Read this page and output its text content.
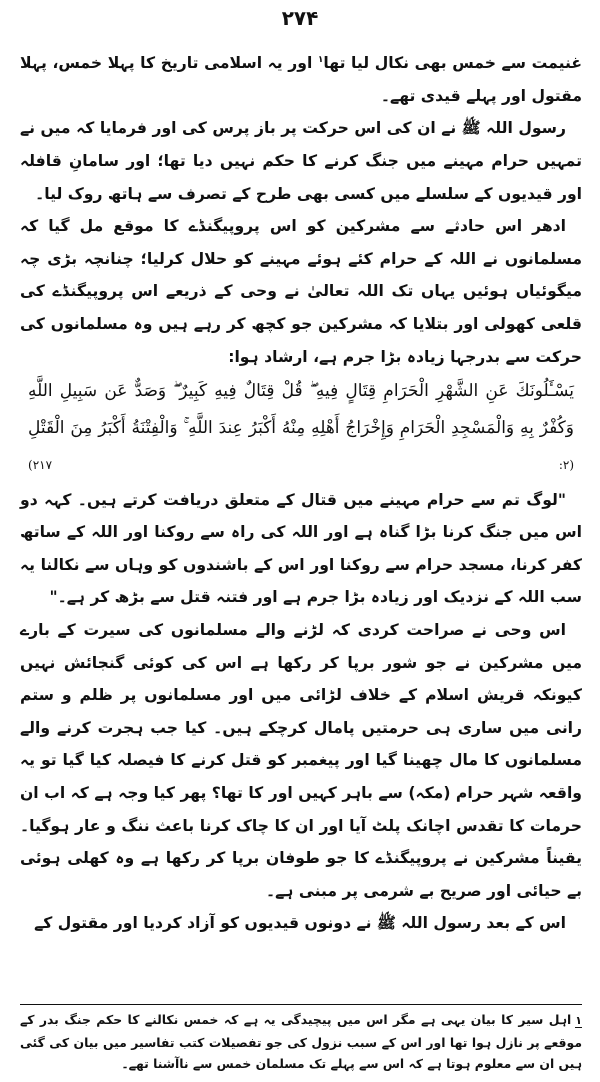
۲۷۴

غنیمت سے خمس بھی نکال لیا تھا$^۱$ اور یہ اسلامی تاریخ کا پہلا خمس، پہلا مقتول اور پہلے قیدی تھے۔

رسول اللہ ﷺ نے ان کی اس حرکت پر باز پرس کی اور فرمایا کہ میں نے تمہیں حرام مہینے میں جنگ کرنے کا حکم نہیں دیا تھا؛ اور سامانِ قافلہ اور قیدیوں کے سلسلے میں کسی بھی طرح کے تصرف سے ہاتھ روک لیا۔

ادھر اس حادثے سے مشرکین کو اس پروپیگنڈے کا موقع مل گیا کہ مسلمانوں نے اللہ کے حرام کئے ہوئے مہینے کو حلال کرلیا؛ چنانچہ بڑی چہ میگوئیاں ہوئیں یہاں تک اللہ تعالیٰ نے وحی کے ذریعے اس پروپیگنڈے کی قلعی کھولی اور بتلایا کہ مشرکین جو کچھ کر رہے ہیں وہ مسلمانوں کی حرکت سے بدرجہا زیادہ بڑا جرم ہے، ارشاد ہوا:

يَسْـَٔلُونَكَ عَنِ الشَّهْرِ الْحَرَامِ قِتَالٍ فِيهِ ۖ قُلْ قِتَالٌ فِيهِ كَبِيرٌ ۖ وَصَدٌّ عَن سَبِيلِ اللَّهِ وَكُفْرٌ بِهِ وَالْمَسْجِدِ الْحَرَامِ وَإِخْرَاجُ أَهْلِهِ مِنْهُ أَكْبَرُ عِندَ اللَّهِ ۚ وَالْفِتْنَةُ أَكْبَرُ مِنَ الْقَتْلِ (۲: ۲۱۷)

"لوگ تم سے حرام مہینے میں قتال کے متعلق دریافت کرتے ہیں۔ کہہ دو اس میں جنگ کرنا بڑا گناہ ہے اور اللہ کی راہ سے روکنا اور اللہ کے ساتھ کفر کرنا، مسجد حرام سے روکنا اور اس کے باشندوں کو وہاں سے نکالنا یہ سب اللہ کے نزدیک اور زیادہ بڑا جرم ہے اور فتنہ قتل سے بڑھ کر ہے۔"

اس وحی نے صراحت کردی کہ لڑنے والے مسلمانوں کی سیرت کے بارے میں مشرکین نے جو شور برپا کر رکھا ہے اس کی کوئی گنجائش نہیں کیونکہ قریش اسلام کے خلاف لڑائی میں اور مسلمانوں پر ظلم و ستم رانی میں ساری ہی حرمتیں پامال کرچکے ہیں۔ کیا جب ہجرت کرنے والے مسلمانوں کا مال چھینا گیا اور پیغمبر کو قتل کرنے کا فیصلہ کیا گیا تو یہ واقعہ شہر حرام (مکہ) سے باہر کہیں اور کا تھا؟ پھر کیا وجہ ہے کہ اب ان حرمات کا تقدس اچانک پلٹ آیا اور ان کا چاک کرنا باعث ننگ و عار ہوگیا۔ یقیناً مشرکین نے پروپیگنڈے کا جو طوفان برپا کر رکھا ہے وہ کھلی ہوئی بے حیائی اور صریح بے شرمی پر مبنی ہے۔

اس کے بعد رسول اللہ ﷺ نے دونوں قیدیوں کو آزاد کردیا اور مقتول کے

۱اہل سیر کا بیان یہی ہے مگر اس میں پیچیدگی یہ ہے کہ خمس نکالنے کا حکم جنگ بدر کے موقعے پر نازل ہوا تھا اور اس کے سبب نزول کی جو تفصیلات کتب تفاسیر میں بیان کی گئی ہیں ان سے معلوم ہوتا ہے کہ اس سے پہلے تک مسلمان خمس سے ناآشنا تھے۔
